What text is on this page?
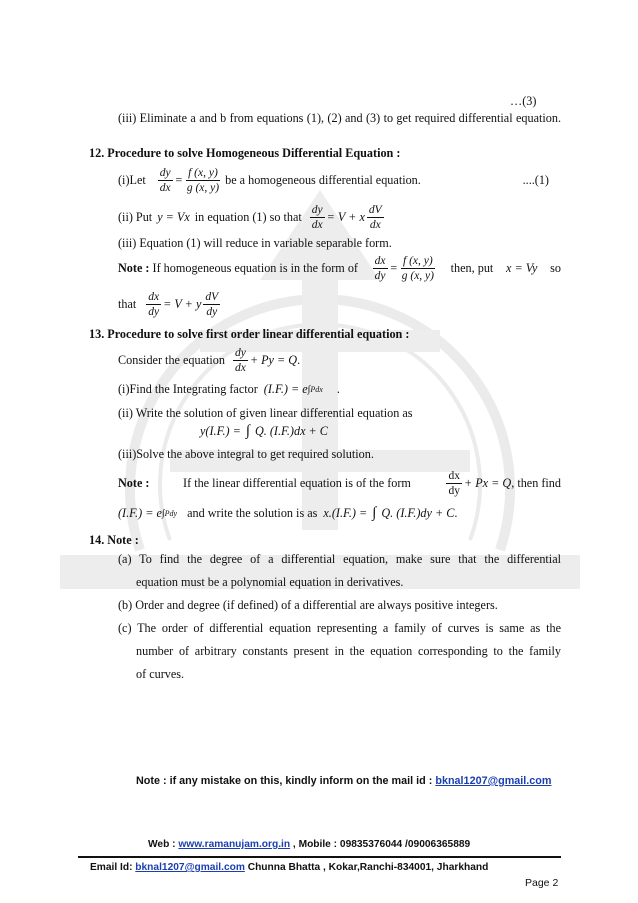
…(3)
(iii) Eliminate a and b from equations (1), (2) and (3) to get required differential equation.
12. Procedure to solve Homogeneous Differential Equation :
$(i)Let \frac{dy}{dx} = \frac{f (x, y)}{g (x, y)}$ be a homogeneous differential equation.	....(1)
(ii) Put y = Vx in equation (1) so that $\frac{dy}{dx} = V + x \frac{dV}{dx}$
(iii) Equation (1) will reduce in variable separable form.
Note : If homogeneous equation is in the form of $\frac{dx}{dy} = \frac{f (x, y)}{g (x, y)}$ then, put x = Vy so
that $\frac{dx}{dy} = V + y \frac{dV}{dy}$
13. Procedure to solve first order linear differential equation :
Consider the equation $\frac{dy}{dx} + Py = Q$ .
(i)Find the Integrating factor (I.F.) = e ∫Pdx .
(ii) Write the solution of given linear differential equation as
y(I.F.) = ∫ Q. (I.F.)dx + C
(iii)Solve the above integral to get required solution.
Note :	If the linear differential equation is of the form	$\frac{dx}{dy} + Px = Q$ , then find
(I.F.) = e ∫Pdy and write the solution is as x.(I.F.) = ∫ Q. (I.F.)dy + C .
14. Note :
(a) To find the degree of a differential equation, make sure that the differential
equation must be a polynomial equation in derivatives.
(b) Order and degree (if defined) of a differential are always positive integers.
(c) The order of differential equation representing a family of curves is same as the
number of arbitrary constants present in the equation corresponding to the family
of curves.
Note : if any mistake on this, kindly inform on the mail id : bknal1207@gmail.com
Web : www.ramanujam.org.in , Mobile : 09835376044 /09006365889
Email Id: bknal1207@gmail.com Chunna Bhatta , Kokar,Ranchi-834001, Jharkhand
Page 2
